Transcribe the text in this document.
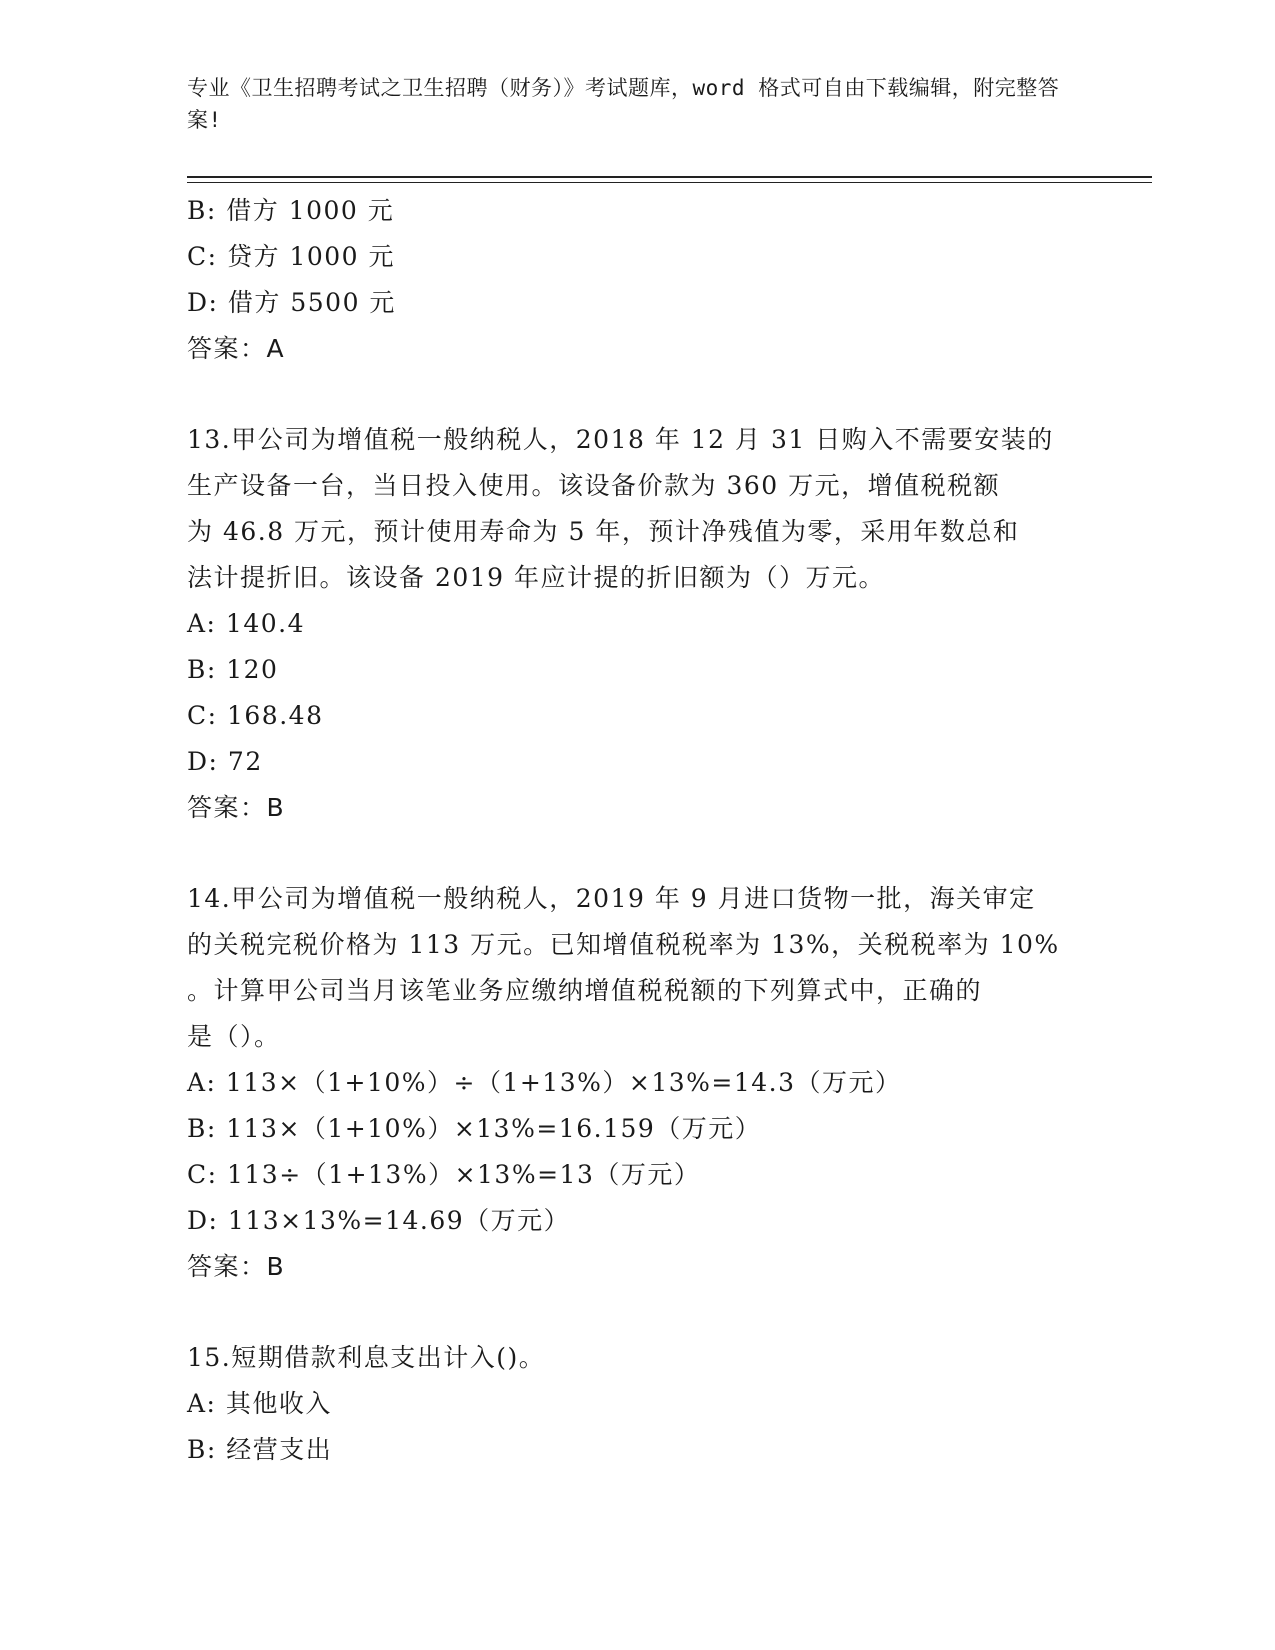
专业《卫生招聘考试之卫生招聘（财务）》考试题库，word 格式可自由下载编辑，附完整答案!
B: 借方 1000 元
C: 贷方 1000 元
D: 借方 5500 元
答案：A
13.甲公司为增值税一般纳税人，2018 年 12 月 31 日购入不需要安装的
生产设备一台，当日投入使用。该设备价款为 360 万元，增值税税额
为 46.8 万元，预计使用寿命为 5 年，预计净残值为零，采用年数总和
法计提折旧。该设备 2019 年应计提的折旧额为（）万元。
A: 140.4
B: 120
C: 168.48
D: 72
答案：B
14.甲公司为增值税一般纳税人，2019 年 9 月进口货物一批，海关审定
的关税完税价格为 113 万元。已知增值税税率为 13%，关税税率为 10%
。计算甲公司当月该笔业务应缴纳增值税税额的下列算式中，正确的
是（）。
A: 113×（1+10%）÷（1+13%）×13%=14.3（万元）
B: 113×（1+10%）×13%=16.159（万元）
C: 113÷（1+13%）×13%=13（万元）
D: 113×13%=14.69（万元）
答案：B
15.短期借款利息支出计入()。
A: 其他收入
B: 经营支出
